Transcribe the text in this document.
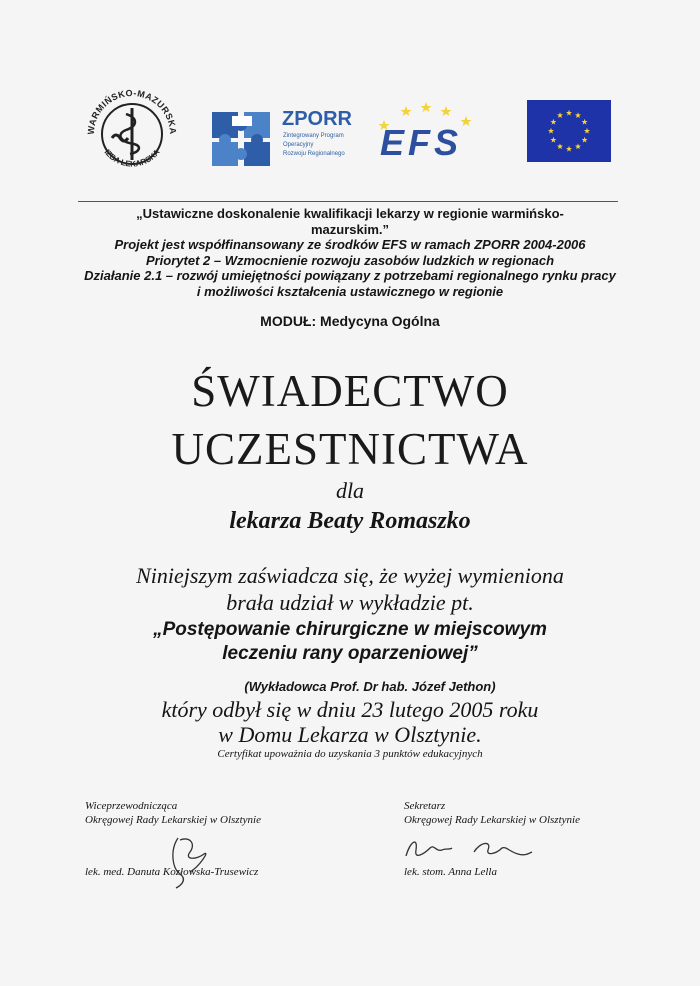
WARMIŃSKO-MAZURSKA
IZBA LEKARSKA
ZPORR
Zintegrowany Program
Operacyjny
Rozwoju Regionalnego EFS
„Ustawiczne doskonalenie kwalifikacji lekarzy w regionie warmińsko-
mazurskim.”
Projekt jest współfinansowany ze środków EFS w ramach ZPORR 2004-2006
Priorytet 2 – Wzmocnienie rozwoju zasobów ludzkich w regionach
Działanie 2.1 – rozwój umiejętności powiązany z potrzebami regionalnego rynku pracy
i możliwości kształcenia ustawicznego w regionie
MODUŁ: Medycyna Ogólna
ŚWIADECTWO
UCZESTNICTWA
dla
lekarza Beaty Romaszko
Niniejszym zaświadcza się, że wyżej wymieniona
brała udział w wykładzie pt.
„Postępowanie chirurgiczne w miejscowym
leczeniu rany oparzeniowej”
(Wykładowca Prof. Dr hab. Józef Jethon)
który odbył się w dniu 23 lutego 2005 roku
w Domu Lekarza w Olsztynie.
Certyfikat upoważnia do uzyskania 3 punktów edukacyjnych
Wiceprzewodnicząca
Okręgowej Rady Lekarskiej w Olsztynie
lek. med. Danuta Kozłowska-Trusewicz
Sekretarz
Okręgowej Rady Lekarskiej w Olsztynie
lek. stom. Anna Lella
